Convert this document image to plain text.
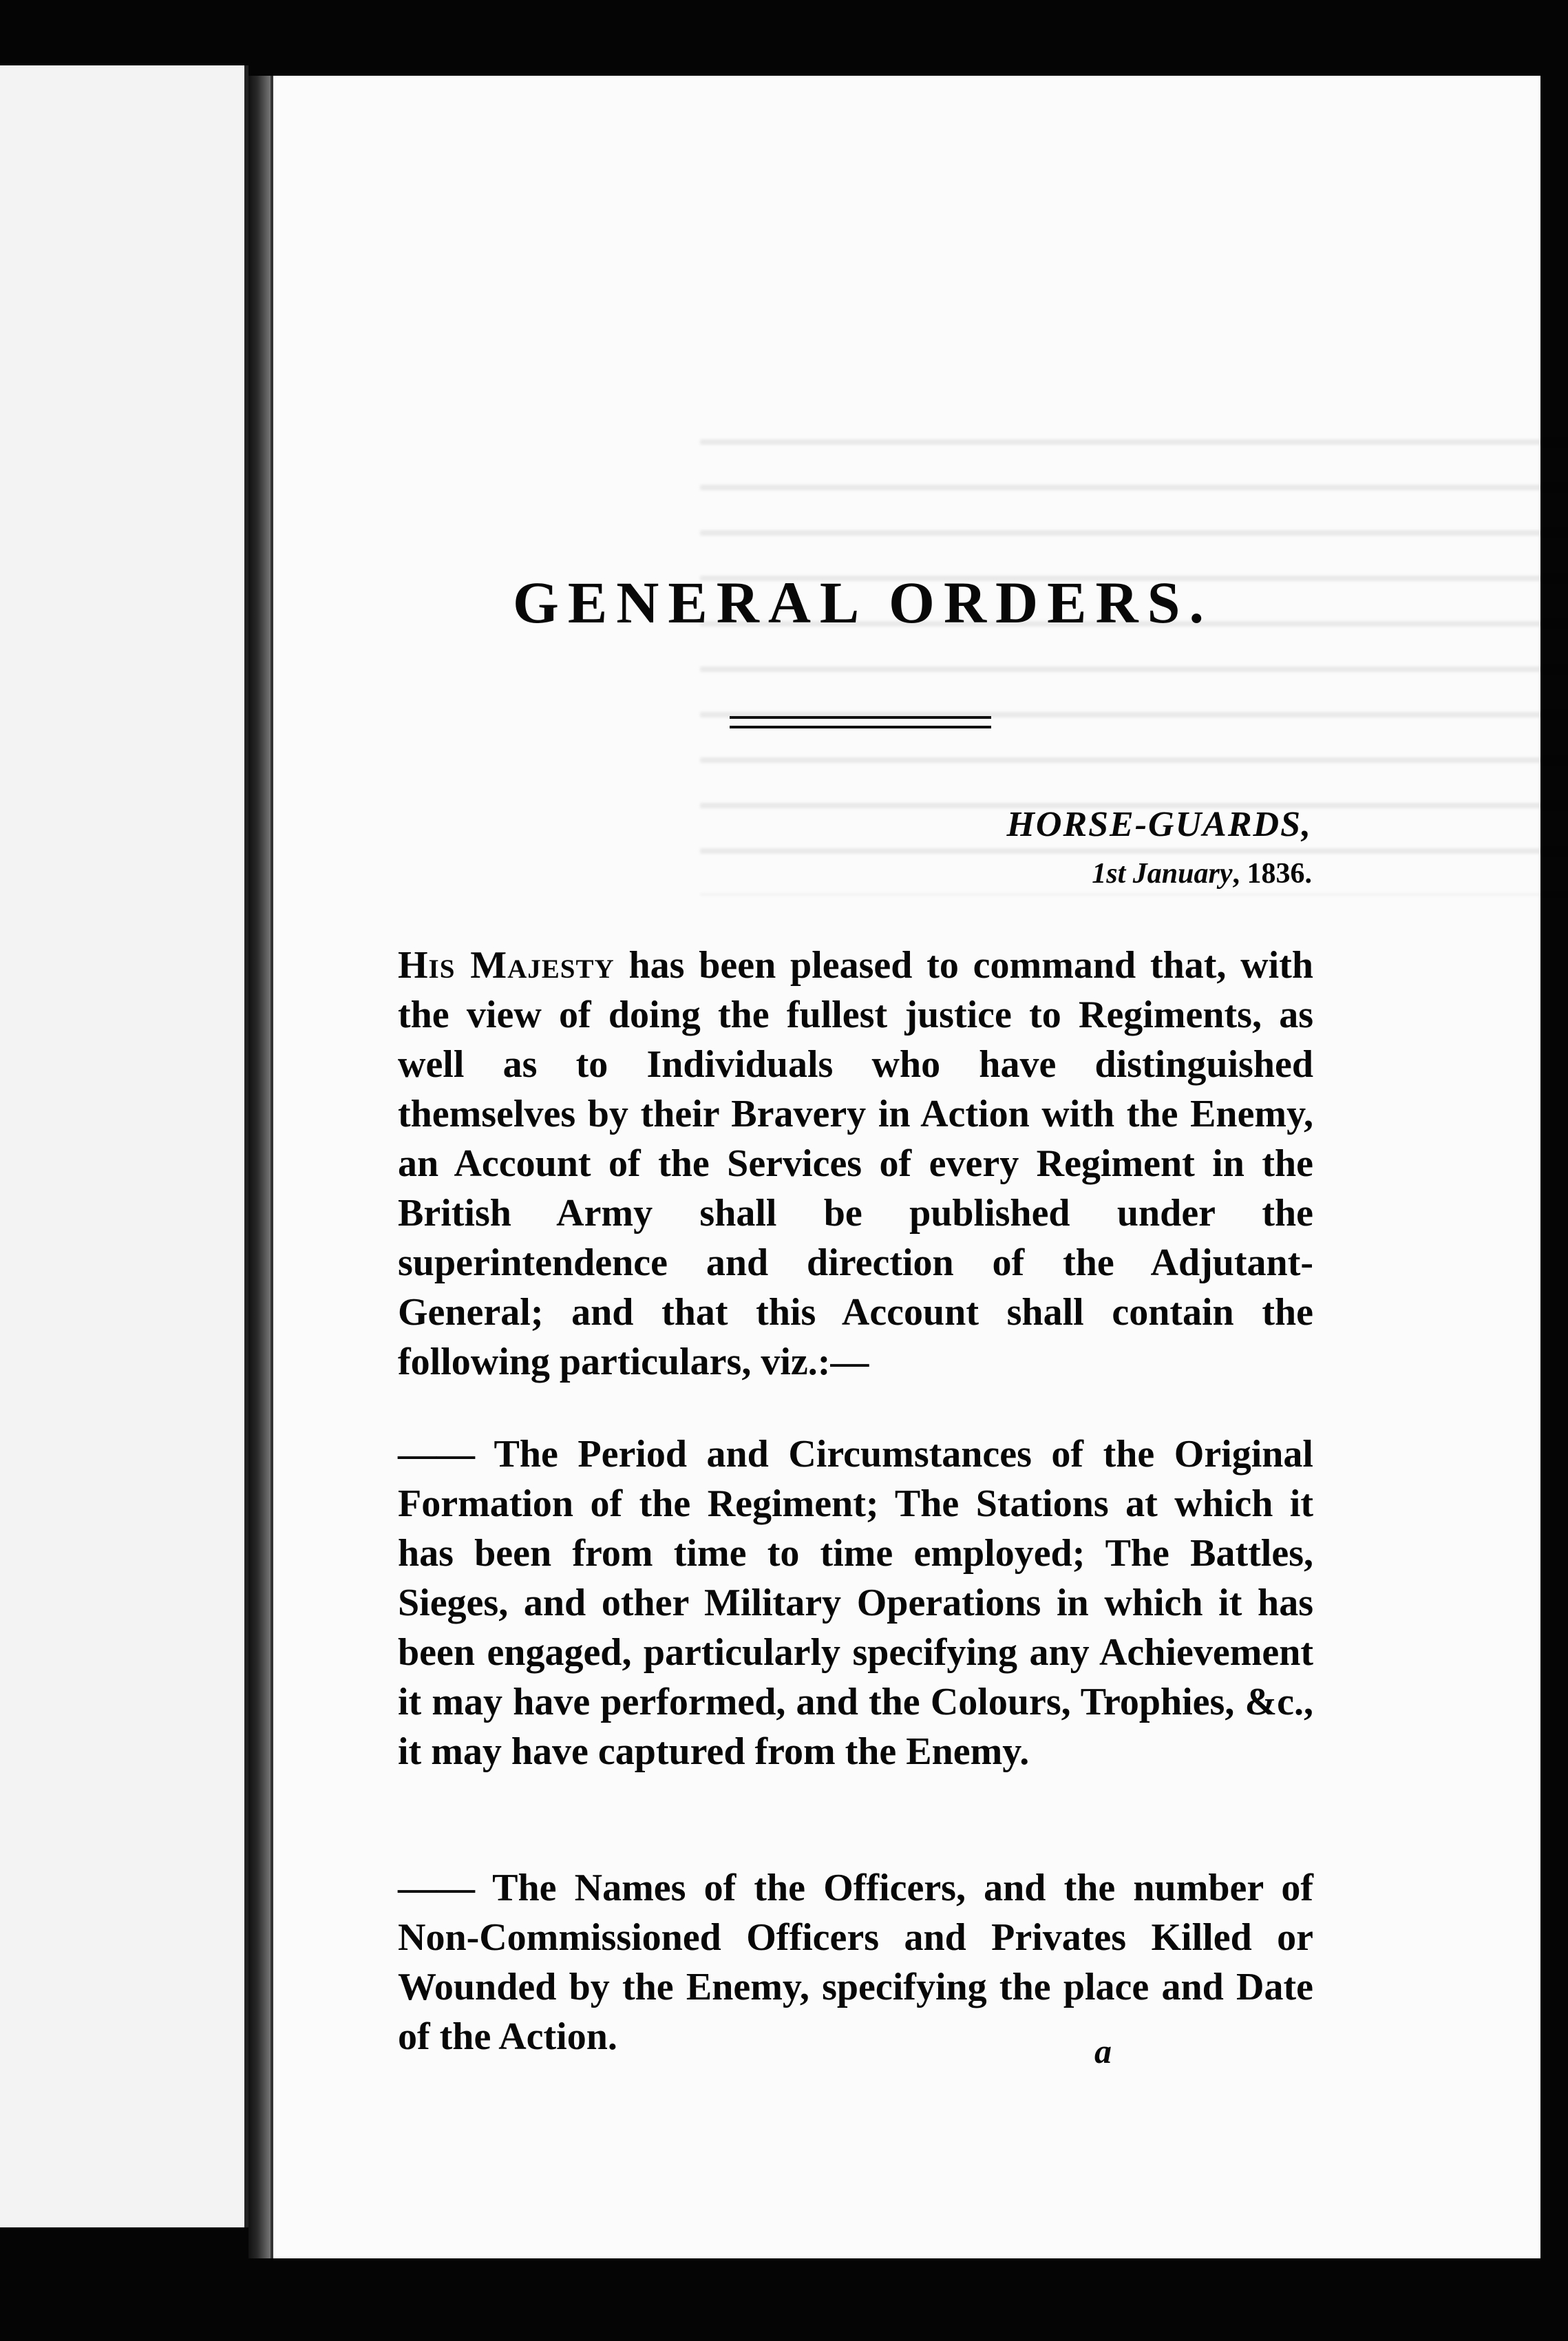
GENERAL ORDERS.
HORSE-GUARDS,
1st January, 1836.

His Majesty has been pleased to command that, with the view of doing the fullest justice to Regiments, as well as to Individuals who have distinguished themselves by their Bravery in Action with the Enemy, an Account of the Services of every Regiment in the British Army shall be published under the superintendence and direction of the Adjutant-General; and that this Account shall contain the following particulars, viz.:—

—— The Period and Circumstances of the Original Formation of the Regiment; The Stations at which it has been from time to time employed; The Battles, Sieges, and other Military Operations in which it has been engaged, particularly specifying any Achievement it may have performed, and the Colours, Trophies, &c., it may have captured from the Enemy.

—— The Names of the Officers, and the number of Non-Commissioned Officers and Privates Killed or Wounded by the Enemy, specifying the place and Date of the Action.	a
